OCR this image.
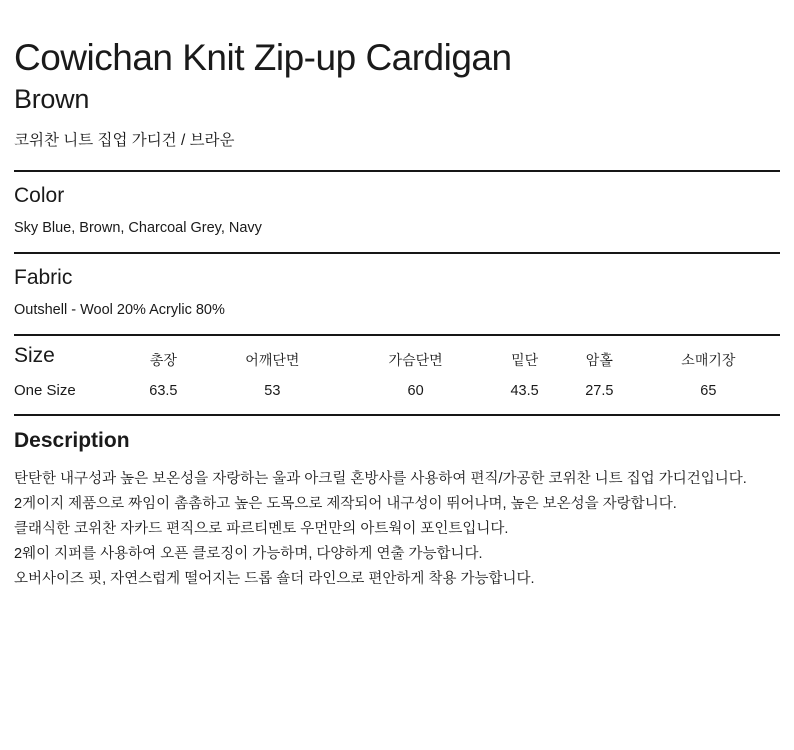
Cowichan Knit Zip-up Cardigan
Brown

코위찬 니트 집업 가디건 / 브라운

Color

Sky Blue, Brown, Charcoal Grey, Navy

Fabric

Outshell - Wool 20% Acrylic 80%

Size	총장	어깨단면	가슴단면	밑단	암홀	소매기장
One Size	63.5	53	60	43.5	27.5	65
Description

탄탄한 내구성과 높은 보온성을 자랑하는 울과 아크릴 혼방사를 사용하여 편직/가공한 코위찬 니트 집업 가디건입니다.

2게이지 제품으로 짜임이 촘촘하고 높은 도목으로 제작되어 내구성이 뛰어나며, 높은 보온성을 자랑합니다.

클래식한 코위찬 자카드 편직으로 파르티멘토 우먼만의 아트웍이 포인트입니다.

2웨이 지퍼를 사용하여 오픈 클로징이 가능하며, 다양하게 연출 가능합니다.

오버사이즈 핏, 자연스럽게 떨어지는 드롭 숄더 라인으로 편안하게 착용 가능합니다.
